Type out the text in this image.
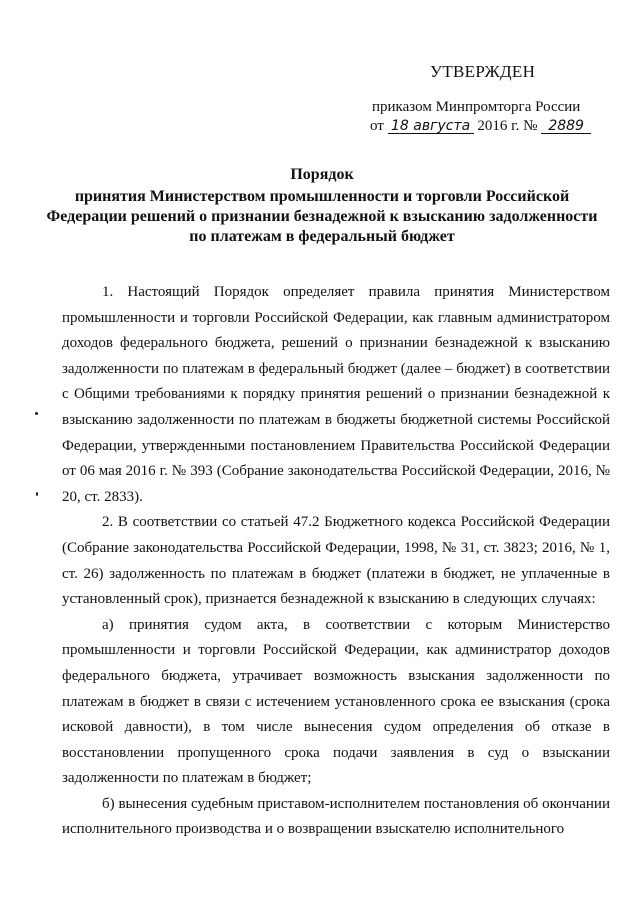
УТВЕРЖДЕН
приказом Минпромторга России
от 18 августа 2016 г. № 2889
Порядок
принятия Министерством промышленности и торговли Российской Федерации решений о признании безнадежной к взысканию задолженности по платежам в федеральный бюджет

1. Настоящий Порядок определяет правила принятия Министерством промышленности и торговли Российской Федерации, как главным администратором доходов федерального бюджета, решений о признании безнадежной к взысканию задолженности по платежам в федеральный бюджет (далее – бюджет) в соответствии с Общими требованиями к порядку принятия решений о признании безнадежной к взысканию задолженности по платежам в бюджеты бюджетной системы Российской Федерации, утвержденными постановлением Правительства Российской Федерации от 06 мая 2016 г. № 393 (Собрание законодательства Российской Федерации, 2016, № 20, ст. 2833).

2. В соответствии со статьей 47.2 Бюджетного кодекса Российской Федерации (Собрание законодательства Российской Федерации, 1998, № 31, ст. 3823; 2016, № 1, ст. 26) задолженность по платежам в бюджет (платежи в бюджет, не уплаченные в установленный срок), признается безнадежной к взысканию в следующих случаях:

а) принятия судом акта, в соответствии с которым Министерство промышленности и торговли Российской Федерации, как администратор доходов федерального бюджета, утрачивает возможность взыскания задолженности по платежам в бюджет в связи с истечением установленного срока ее взыскания (срока исковой давности), в том числе вынесения судом определения об отказе в восстановлении пропущенного срока подачи заявления в суд о взыскании задолженности по платежам в бюджет;

б) вынесения судебным приставом-исполнителем постановления об окончании исполнительного производства и о возвращении взыскателю исполнительного
